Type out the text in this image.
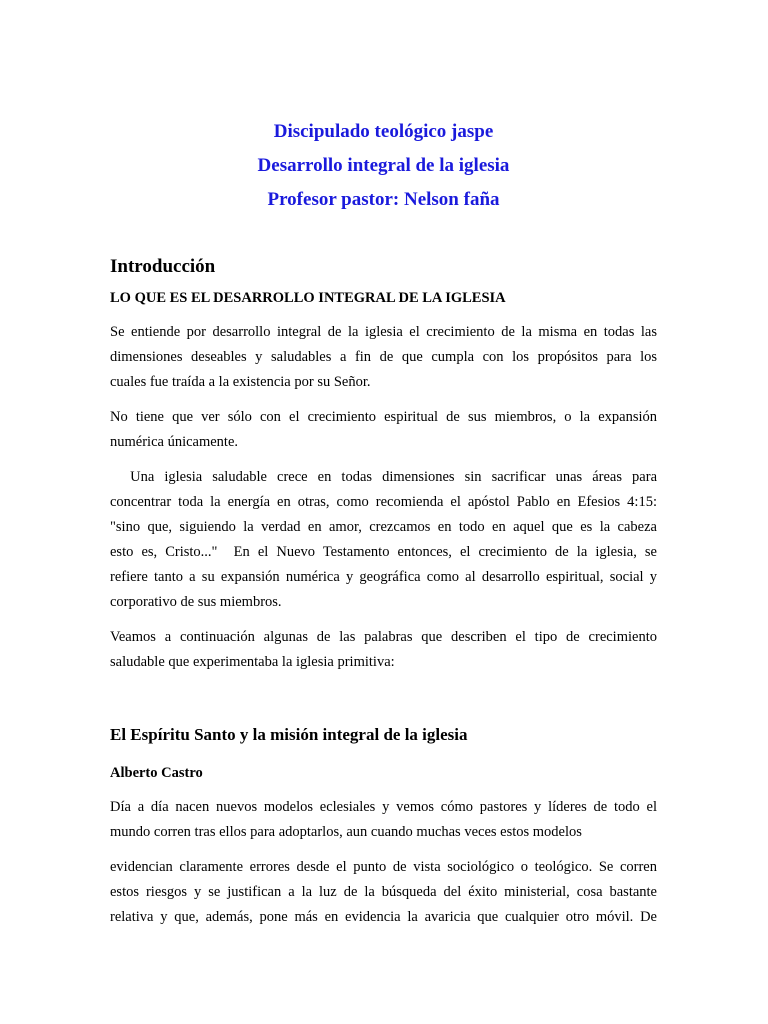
Discipulado teológico jaspe
Desarrollo integral de la iglesia
Profesor pastor: Nelson faña
Introducción
LO QUE ES EL DESARROLLO INTEGRAL DE LA IGLESIA
Se entiende por desarrollo integral de la iglesia el crecimiento de la misma en todas las
dimensiones deseables y saludables a fin de que cumpla con los propósitos para los
cuales fue traída a la existencia por su Señor.
No tiene que ver sólo con el crecimiento espiritual de sus miembros, o la expansión
numérica únicamente.
Una iglesia saludable crece en todas dimensiones sin sacrificar unas áreas para
concentrar toda la energía en otras, como recomienda el apóstol Pablo en Efesios 4:15:
"sino que, siguiendo la verdad en amor, crezcamos en todo en aquel que es la cabeza
esto es, Cristo..."  En el Nuevo Testamento entonces, el crecimiento de la iglesia, se
refiere tanto a su expansión numérica y geográfica como al desarrollo espiritual, social y
corporativo de sus miembros.
Veamos a continuación algunas de las palabras que describen el tipo de crecimiento
saludable que experimentaba la iglesia primitiva:
El Espíritu Santo y la misión integral de la iglesia
Alberto Castro
Día a día nacen nuevos modelos eclesiales y vemos cómo pastores y líderes de todo el
mundo corren tras ellos para adoptarlos, aun cuando muchas veces estos modelos
evidencian claramente errores desde el punto de vista sociológico o teológico. Se corren
estos riesgos y se justifican a la luz de la búsqueda del éxito ministerial, cosa bastante
relativa y que, además, pone más en evidencia la avaricia que cualquier otro móvil. De
